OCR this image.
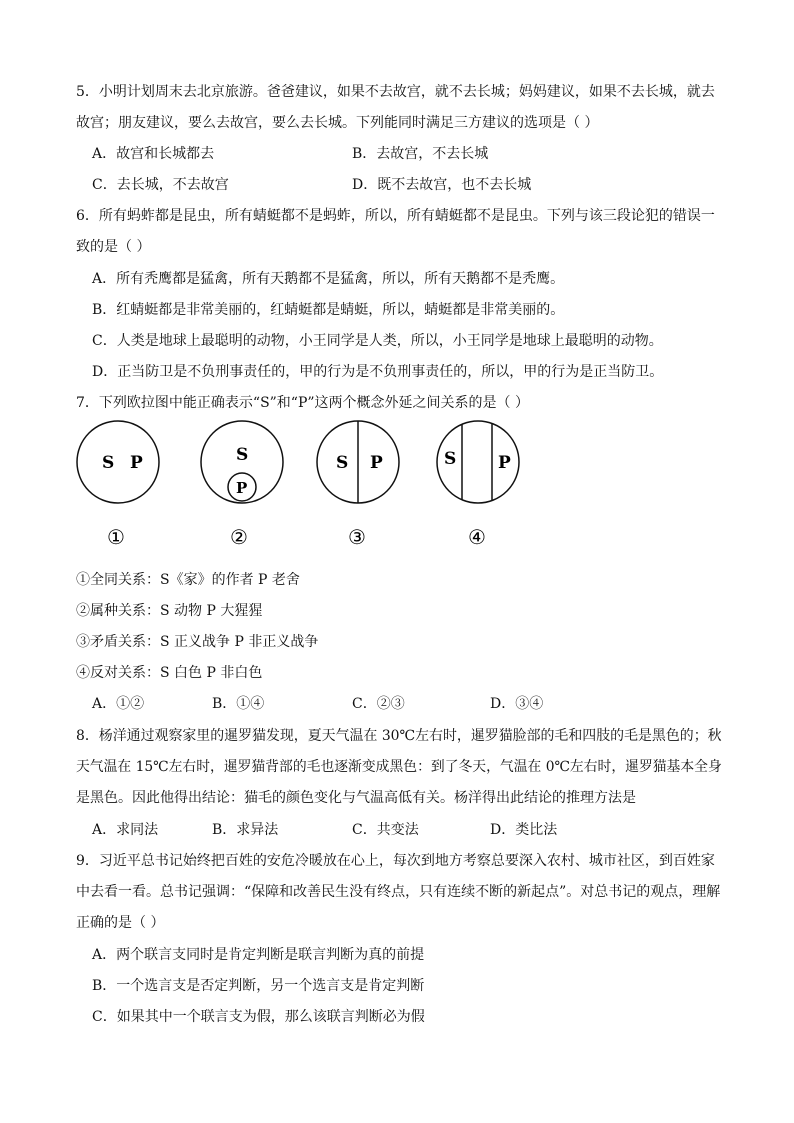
5．小明计划周末去北京旅游。爸爸建议，如果不去故宫，就不去长城；妈妈建议，如果不去长城，就去
故宫；朋友建议，要么去故宫，要么去长城。下列能同时满足三方建议的选项是（ ）
A．故宫和长城都去	B．去故宫，不去长城
C．去长城，不去故宫	D．既不去故宫，也不去长城
6．所有蚂蚱都是昆虫，所有蜻蜓都不是蚂蚱，所以，所有蜻蜓都不是昆虫。下列与该三段论犯的错误一
致的是（ ）
A．所有秃鹰都是猛禽，所有天鹅都不是猛禽，所以，所有天鹅都不是秃鹰。
B．红蜻蜓都是非常美丽的，红蜻蜓都是蜻蜓，所以，蜻蜓都是非常美丽的。
C．人类是地球上最聪明的动物，小王同学是人类，所以，小王同学是地球上最聪明的动物。
D．正当防卫是不负刑事责任的，甲的行为是不负刑事责任的，所以，甲的行为是正当防卫。
7．下列欧拉图中能正确表示“S”和“P”这两个概念外延之间关系的是（ ）
S P
①
S
P
②
S P
③
S P
④
①全同关系：S《家》的作者 P 老舍
②属种关系：S 动物 P 大猩猩
③矛盾关系：S 正义战争 P 非正义战争
④反对关系：S 白色 P 非白色
A．①②	B．①④	C．②③	D．③④
8．杨洋通过观察家里的暹罗猫发现，夏天气温在 30℃左右时，暹罗猫脸部的毛和四肢的毛是黑色的；秋
天气温在 15℃左右时，暹罗猫背部的毛也逐渐变成黑色：到了冬天，气温在 0℃左右时，暹罗猫基本全身
是黑色。因此他得出结论：猫毛的颜色变化与气温高低有关。杨洋得出此结论的推理方法是
A．求同法	B．求异法	C．共变法	D．类比法
9．习近平总书记始终把百姓的安危冷暖放在心上，每次到地方考察总要深入农村、城市社区，到百姓家
中去看一看。总书记强调：“保障和改善民生没有终点，只有连续不断的新起点”。对总书记的观点，理解
正确的是（ ）
A．两个联言支同时是肯定判断是联言判断为真的前提
B．一个选言支是否定判断，另一个选言支是肯定判断
C．如果其中一个联言支为假，那么该联言判断必为假
